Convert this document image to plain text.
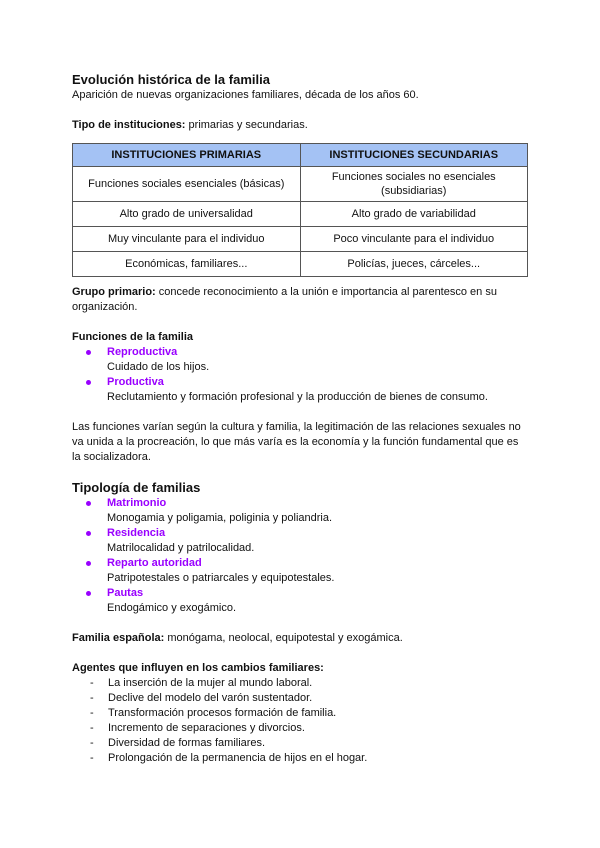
Evolución histórica de la familia

Aparición de nuevas organizaciones familiares, década de los años 60.

Tipo de instituciones: primarias y secundarias.

INSTITUCIONES PRIMARIAS	INSTITUCIONES SECUNDARIAS
Funciones sociales esenciales (básicas)	Funciones sociales no esenciales (subsidiarias)
Alto grado de universalidad	Alto grado de variabilidad
Muy vinculante para el individuo	Poco vinculante para el individuo
Económicas, familiares...	Policías, jueces, cárceles...

Grupo primario: concede reconocimiento a la unión e importancia al parentesco en su organización.

Funciones de la familia

Reproductiva
Cuidado de los hijos.
Productiva
Reclutamiento y formación profesional y la producción de bienes de consumo.

Las funciones varían según la cultura y familia, la legitimación de las relaciones sexuales no va unida a la procreación, lo que más varía es la economía y la función fundamental que es la socializadora.

Tipología de familias

Matrimonio
Monogamia y poligamia, poliginia y poliandria.
Residencia
Matrilocalidad y patrilocalidad.
Reparto autoridad
Patripotestales o patriarcales y equipotestales.
Pautas
Endogámico y exogámico.

Familia española: monógama, neolocal, equipotestal y exogámica.

Agentes que influyen en los cambios familiares:

- La inserción de la mujer al mundo laboral.
- Declive del modelo del varón sustentador.
- Transformación procesos formación de familia.
- Incremento de separaciones y divorcios.
- Diversidad de formas familiares.
- Prolongación de la permanencia de hijos en el hogar.
